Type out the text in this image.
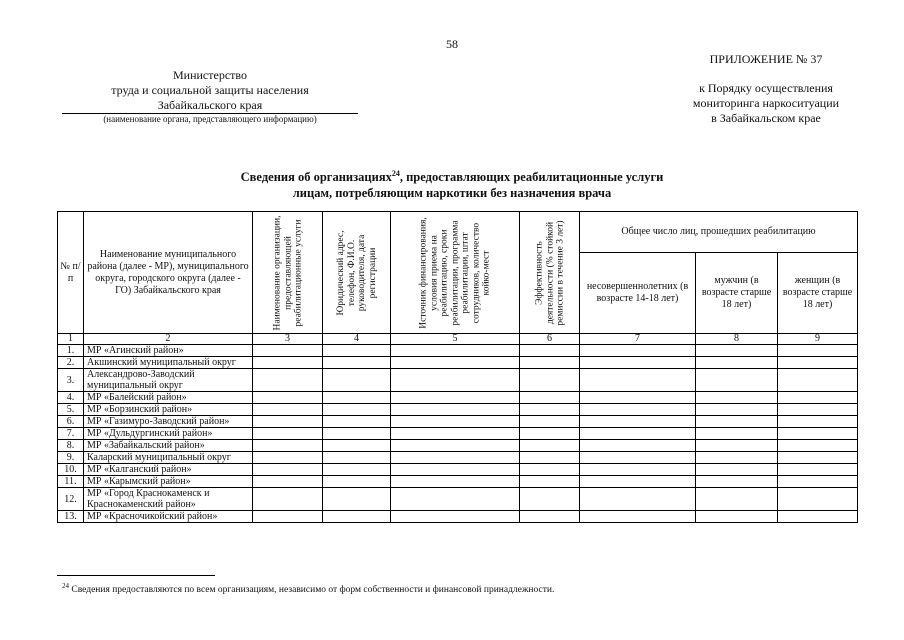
58
Министерство
труда и социальной защиты населения
Забайкальского края
(наименование органа, представляющего информацию)
ПРИЛОЖЕНИЕ № 37
к Порядку осуществления
мониторинга наркоситуации
в Забайкальском крае
Сведения об организациях$^{24}$, предоставляющих реабилитационные услуги
лицам, потребляющим наркотики без назначения врача
№ п/п	Наименование муниципального района (далее - МР), муниципального округа, городского округа (далее - ГО) Забайкальского края	Наименование организации, предоставляющей реабилитационные услуги	Юридический адрес, телефон, Ф.И.О. руководителя, дата регистрации	Источник финансирования, условия приема на реабилитацию, сроки реабилитации, программа реабилитации, штат сотрудников, количество койко-мест	Эффективность деятельности (% стойкой ремиссии в течение 3 лет)	Общее число лиц, прошедших реабилитацию		
						несовершеннолетних (в возрасте 14-18 лет)	мужчин (в возрасте старше 18 лет)	женщин (в возрасте старше 18 лет)
1	2	3	4	5	6	7	8	9
1.	МР «Агинский район»							
2.	Акшинский муниципальный округ							
3.	Александрово-Заводский муниципальный округ							
4.	МР «Балейский район»							
5.	МР «Борзинский район»							
6.	МР «Газимуро-Заводский район»							
7.	МР «Дульдургинский район»							
8.	МР «Забайкальский район»							
9.	Каларский муниципальный округ							
10.	МР «Калганский район»							
11.	МР «Карымский район»							
12.	МР «Город Краснокаменск и Краснокаменский район»							
13.	МР «Красночикойский район»							
$^{24}$ Сведения предоставляются по всем организациям, независимо от форм собственности и финансовой принадлежности.
